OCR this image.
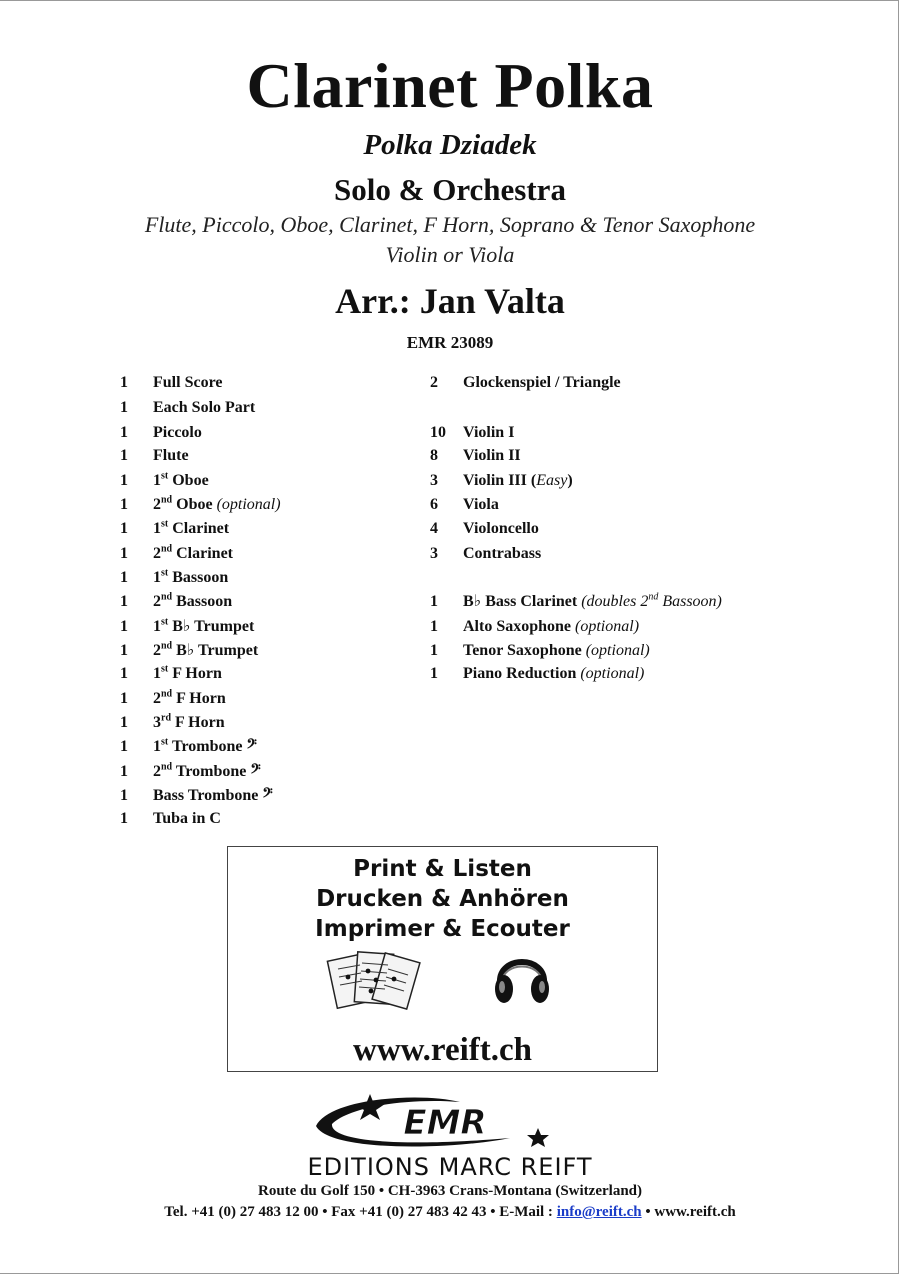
Clarinet Polka
Polka Dziadek
Solo & Orchestra
Flute, Piccolo, Oboe, Clarinet, F Horn, Soprano & Tenor Saxophone
Violin or Viola
Arr.: Jan Valta
EMR 23089
1 Full Score
1 Each Solo Part
1 Piccolo
1 Flute
1 1st Oboe
1 2nd Oboe (optional)
1 1st Clarinet
1 2nd Clarinet
1 1st Bassoon
1 2nd Bassoon
1 1st B♭ Trumpet
1 2nd B♭ Trumpet
1 1st F Horn
1 2nd F Horn
1 3rd F Horn
1 1st Trombone 𝄢
1 2nd Trombone 𝄢
1 Bass Trombone 𝄢
1 Tuba in C
2 Glockenspiel / Triangle
10 Violin I
8 Violin II
3 Violin III (Easy)
6 Viola
4 Violoncello
3 Contrabass
1 B♭ Bass Clarinet (doubles 2nd Bassoon)
1 Alto Saxophone (optional)
1 Tenor Saxophone (optional)
1 Piano Reduction (optional)
Print & Listen
Drucken & Anhören
Imprimer & Ecouter
www.reift.ch
EMR
EDITIONS MARC REIFT
Route du Golf 150 • CH-3963 Crans-Montana (Switzerland)
Tel. +41 (0) 27 483 12 00 • Fax +41 (0) 27 483 42 43 • E-Mail : info@reift.ch • www.reift.ch
